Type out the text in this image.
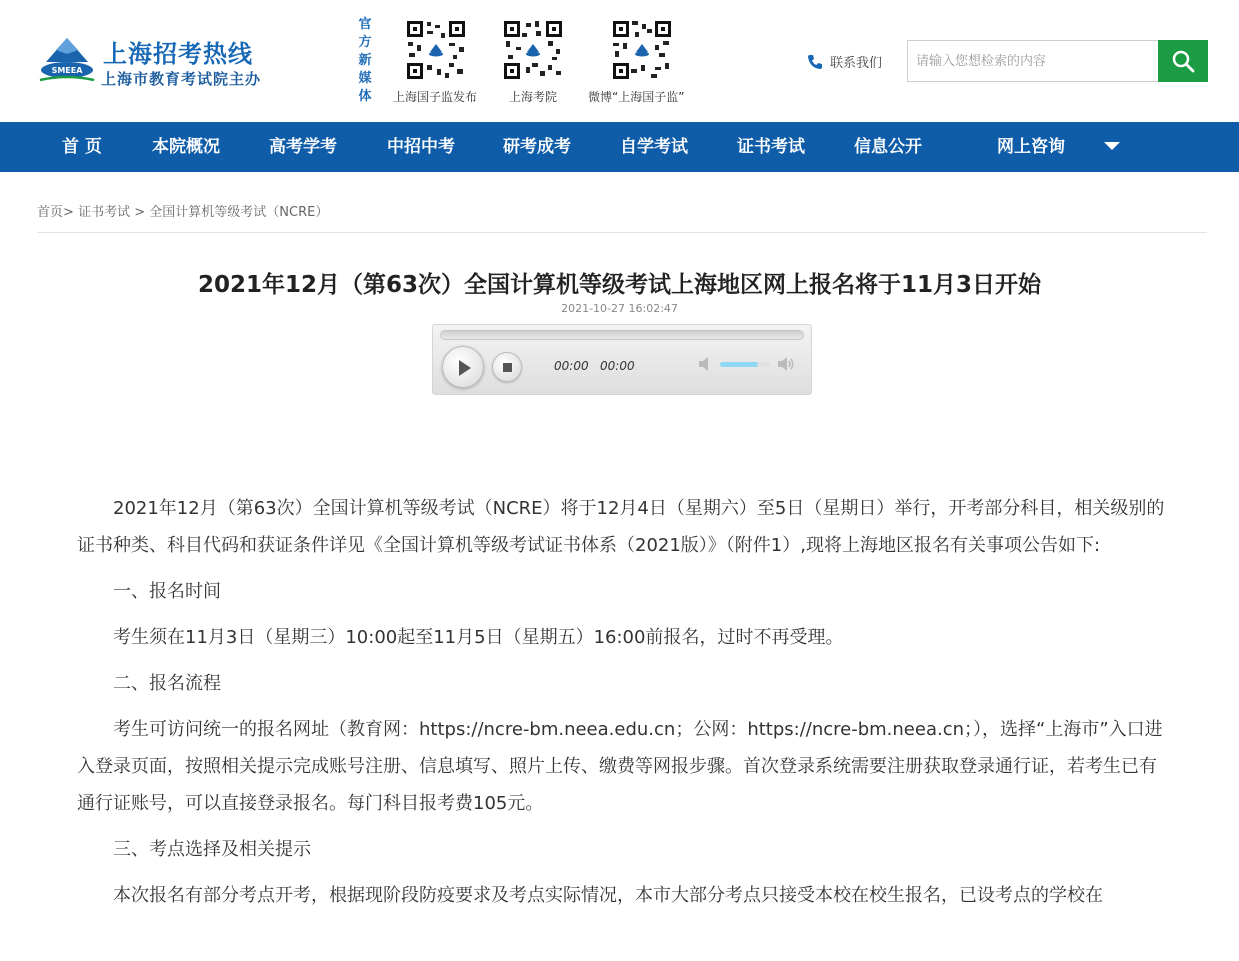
SMEEA
上海招考热线
上海市教育考试院主办
官方新媒体 上海国子监发布	上海考院	微博“上海国子监”
联系我们
请输入您想检索的内容
首 页	本院概况	高考学考	中招中考	研考成考	自学考试	证书考试	信息公开	网上咨询
首页> 证书考试 > 全国计算机等级考试（NCRE）
2021年12月（第63次）全国计算机等级考试上海地区网上报名将于11月3日开始
2021-10-27 16:02:47
00:00 00:00

2021年12月（第63次）全国计算机等级考试（NCRE）将于12月4日（星期六）至5日（星期日）举行，开考部分科目，相关级别的证书种类、科目代码和获证条件详见《全国计算机等级考试证书体系（2021版）》（附件1）,现将上海地区报名有关事项公告如下:

一、报名时间

考生须在11月3日（星期三）10:00起至11月5日（星期五）16:00前报名，过时不再受理。

二、报名流程

考生可访问统一的报名网址（教育网：https://ncre-bm.neea.edu.cn；公网：https://ncre-bm.neea.cn；），选择“上海市”入口进入登录页面，按照相关提示完成账号注册、信息填写、照片上传、缴费等网报步骤。首次登录系统需要注册获取登录通行证，若考生已有通行证账号，可以直接登录报名。每门科目报考费105元。

三、考点选择及相关提示

本次报名有部分考点开考，根据现阶段防疫要求及考点实际情况，本市大部分考点只接受本校在校生报名，已设考点的学校在
